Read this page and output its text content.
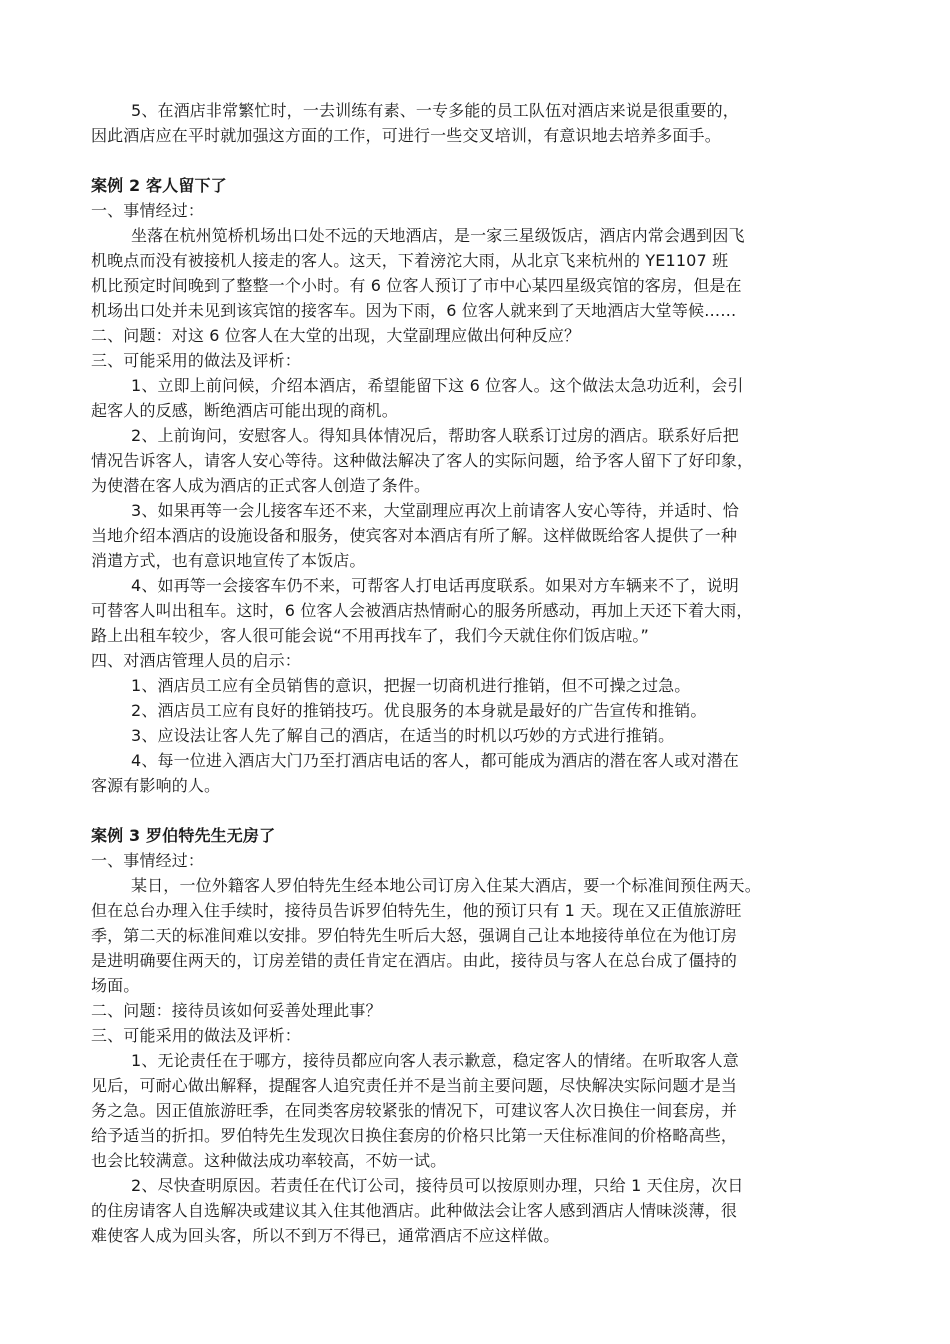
5、在酒店非常繁忙时，一去训练有素、一专多能的员工队伍对酒店来说是很重要的，

因此酒店应在平时就加强这方面的工作，可进行一些交叉培训，有意识地去培养多面手。

案例 2 客人留下了

一、事情经过：

坐落在杭州笕桥机场出口处不远的天地酒店，是一家三星级饭店，酒店内常会遇到因飞

机晚点而没有被接机人接走的客人。这天，下着滂沱大雨，从北京飞来杭州的 YE1107 班

机比预定时间晚到了整整一个小时。有 6 位客人预订了市中心某四星级宾馆的客房，但是在

机场出口处并未见到该宾馆的接客车。因为下雨，6 位客人就来到了天地酒店大堂等候……

二、问题：对这 6 位客人在大堂的出现，大堂副理应做出何种反应？

三、可能采用的做法及评析：

1、立即上前问候，介绍本酒店，希望能留下这 6 位客人。这个做法太急功近利，会引

起客人的反感，断绝酒店可能出现的商机。

2、上前询问，安慰客人。得知具体情况后，帮助客人联系订过房的酒店。联系好后把

情况告诉客人，请客人安心等待。这种做法解决了客人的实际问题，给予客人留下了好印象，

为使潜在客人成为酒店的正式客人创造了条件。

3、如果再等一会儿接客车还不来，大堂副理应再次上前请客人安心等待，并适时、恰

当地介绍本酒店的设施设备和服务，使宾客对本酒店有所了解。这样做既给客人提供了一种

消遣方式，也有意识地宣传了本饭店。

4、如再等一会接客车仍不来，可帮客人打电话再度联系。如果对方车辆来不了，说明

可替客人叫出租车。这时，6 位客人会被酒店热情耐心的服务所感动，再加上天还下着大雨，

路上出租车较少，客人很可能会说“不用再找车了，我们今天就住你们饭店啦。”

四、对酒店管理人员的启示：

1、酒店员工应有全员销售的意识，把握一切商机进行推销，但不可操之过急。

2、酒店员工应有良好的推销技巧。优良服务的本身就是最好的广告宣传和推销。

3、应设法让客人先了解自己的酒店，在适当的时机以巧妙的方式进行推销。

4、每一位进入酒店大门乃至打酒店电话的客人，都可能成为酒店的潜在客人或对潜在

客源有影响的人。

案例 3 罗伯特先生无房了

一、事情经过：

某日，一位外籍客人罗伯特先生经本地公司订房入住某大酒店，要一个标准间预住两天。

但在总台办理入住手续时，接待员告诉罗伯特先生，他的预订只有 1 天。现在又正值旅游旺

季，第二天的标准间难以安排。罗伯特先生听后大怒，强调自己让本地接待单位在为他订房

是进明确要住两天的，订房差错的责任肯定在酒店。由此，接待员与客人在总台成了僵持的

场面。

二、问题：接待员该如何妥善处理此事？

三、可能采用的做法及评析：

1、无论责任在于哪方，接待员都应向客人表示歉意，稳定客人的情绪。在听取客人意

见后，可耐心做出解释，提醒客人追究责任并不是当前主要问题，尽快解决实际问题才是当

务之急。因正值旅游旺季，在同类客房较紧张的情况下，可建议客人次日换住一间套房，并

给予适当的折扣。罗伯特先生发现次日换住套房的价格只比第一天住标准间的价格略高些，

也会比较满意。这种做法成功率较高，不妨一试。

2、尽快查明原因。若责任在代订公司，接待员可以按原则办理，只给 1 天住房，次日

的住房请客人自选解决或建议其入住其他酒店。此种做法会让客人感到酒店人情味淡薄，很

难使客人成为回头客，所以不到万不得已，通常酒店不应这样做。
